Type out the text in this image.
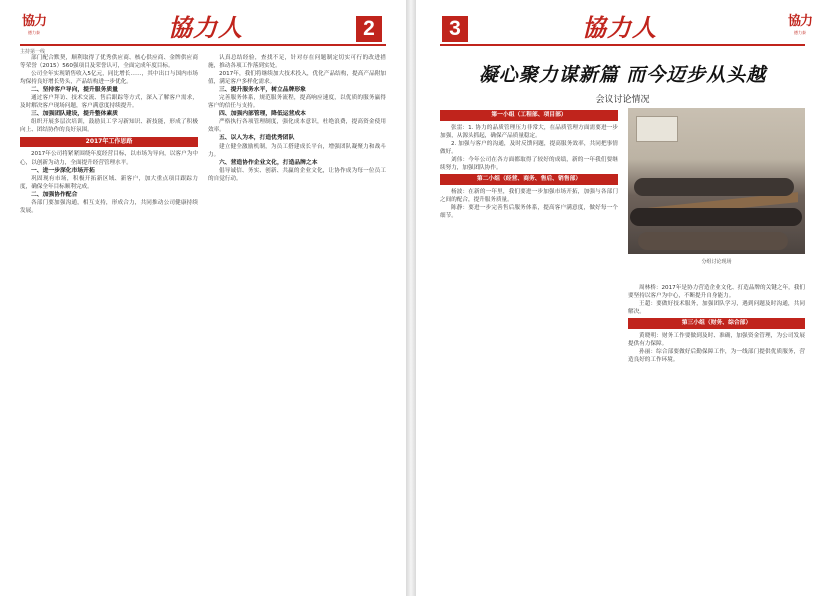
協力
德力泰	協力人	2
主持第一线

部门配合默契，顺利取得了优秀供应商、核心供应商、金牌供应商等荣誉（2015）560强项目及荣誉认可，全面完成年度目标。

公司全年实现销售收入5亿元，同比增长……，其中出口与国内市场均保持良好增长势头，产品结构进一步优化。

二、坚持客户导向，提升服务质量

通过客户拜访、技术交流、售后跟踪等方式，深入了解客户需求，及时解决客户现场问题，客户满意度持续提升。

三、加强团队建设，提升整体素质

组织开展多层次培训，鼓励员工学习新知识、新技能，形成了积极向上、团结协作的良好氛围。

2017年工作思路

2017年公司将紧紧围绕年度经营目标，以市场为导向，以客户为中心，以创新为动力，全面提升经营管理水平。

一、进一步深化市场开拓

巩固现有市场，积极开拓新区域、新客户，加大重点项目跟踪力度，确保全年目标顺利完成。

二、加强协作配合

各部门要加强沟通，相互支持，形成合力，共同推动公司健康持续发展。

认真总结经验，查找不足，针对存在问题制定切实可行的改进措施，推动各项工作落到实处。

2017年，我们将继续加大技术投入，优化产品结构，提高产品附加值，满足客户多样化需求。

三、提升服务水平，树立品牌形象

完善服务体系，规范服务流程，提高响应速度，以优质的服务赢得客户的信任与支持。

四、加强内部管理，降低运营成本

严格执行各项管理制度，强化成本意识，杜绝浪费，提高资金使用效率。

五、以人为本，打造优秀团队

建立健全激励机制，为员工搭建成长平台，增强团队凝聚力和战斗力。

六、营造协作企业文化，打造品牌之本

倡导诚信、务实、创新、共赢的企业文化，让协作成为每一位员工的自觉行动。

3	協力人	協力
德力泰
凝心聚力谋新篇 而今迈步从头越
会议讨论情况
第一小组（工程部、项目部）

张雷：1. 协力的品质管理压力非常大，在品质管理方面需要进一步加强，从源头抓起，确保产品质量稳定。

2. 加强与客户的沟通，及时反馈问题，提高服务效率，共同把事情做好。

刘伟：今年公司在各方面都取得了较好的成绩，新的一年我们要继续努力，加强团队协作。

第二小组（经营、商务、售后、销售部）

杨波：在新的一年里，我们要进一步加强市场开拓，加强与各部门之间的配合，提升服务质量。

陈静：要进一步完善售后服务体系，提高客户满意度，做好每一个细节。

分组讨论现场

周林桥：2017年是协力营造企业文化、打造品牌的关键之年，我们要坚持以客户为中心，不断提升自身能力。

王超：要做好技术服务，加强团队学习，遇到问题及时沟通，共同解决。

第三小组（财务、综合部）

黄晓明：财务工作要做到及时、准确，加强资金管理，为公司发展提供有力保障。

孙丽：综合部要做好后勤保障工作，为一线部门提供优质服务，营造良好的工作环境。
